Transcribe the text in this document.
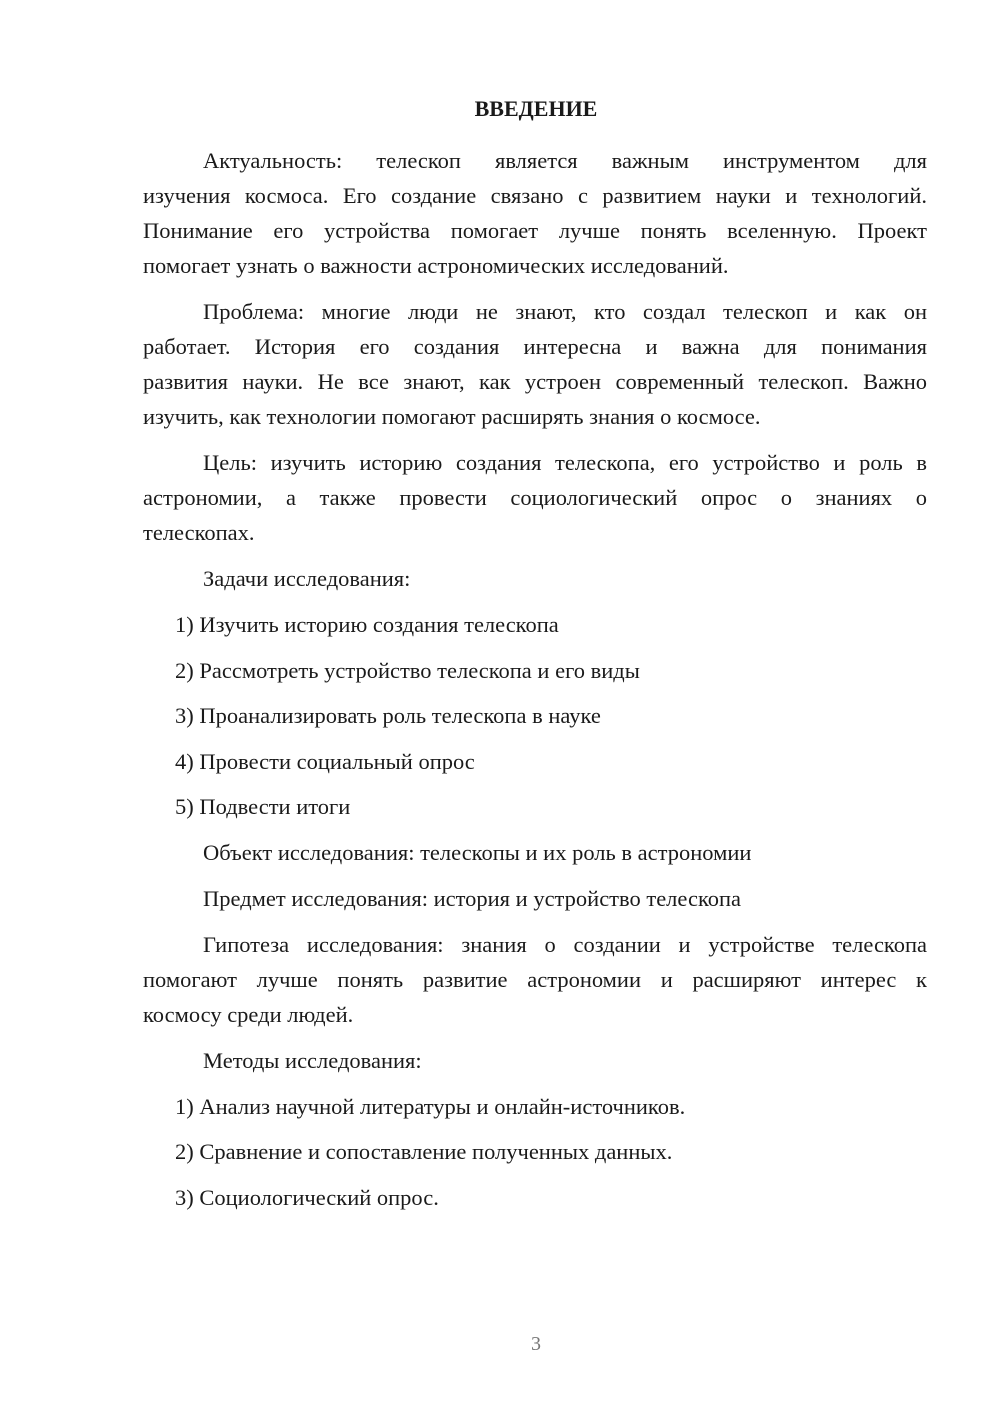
ВВЕДЕНИЕ
Актуальность: телескоп является важным инструментом для
изучения космоса. Его создание связано с развитием науки и технологий.
Понимание его устройства помогает лучше понять вселенную. Проект
помогает узнать о важности астрономических исследований.
Проблема: многие люди не знают, кто создал телескоп и как он
работает. История его создания интересна и важна для понимания
развития науки. Не все знают, как устроен современный телескоп. Важно
изучить, как технологии помогают расширять знания о космосе.
Цель: изучить историю создания телескопа, его устройство и роль в
астрономии, а также провести социологический опрос о знаниях о
телескопах.
Задачи исследования:
1) Изучить историю создания телескопа
2) Рассмотреть устройство телескопа и его виды
3) Проанализировать роль телескопа в науке
4) Провести социальный опрос
5) Подвести итоги
Объект исследования: телескопы и их роль в астрономии
Предмет исследования: история и устройство телескопа
Гипотеза исследования: знания о создании и устройстве телескопа
помогают лучше понять развитие астрономии и расширяют интерес к
космосу среди людей.
Методы исследования:
1) Анализ научной литературы и онлайн-источников.
2) Сравнение и сопоставление полученных данных.
3) Социологический опрос.
3
